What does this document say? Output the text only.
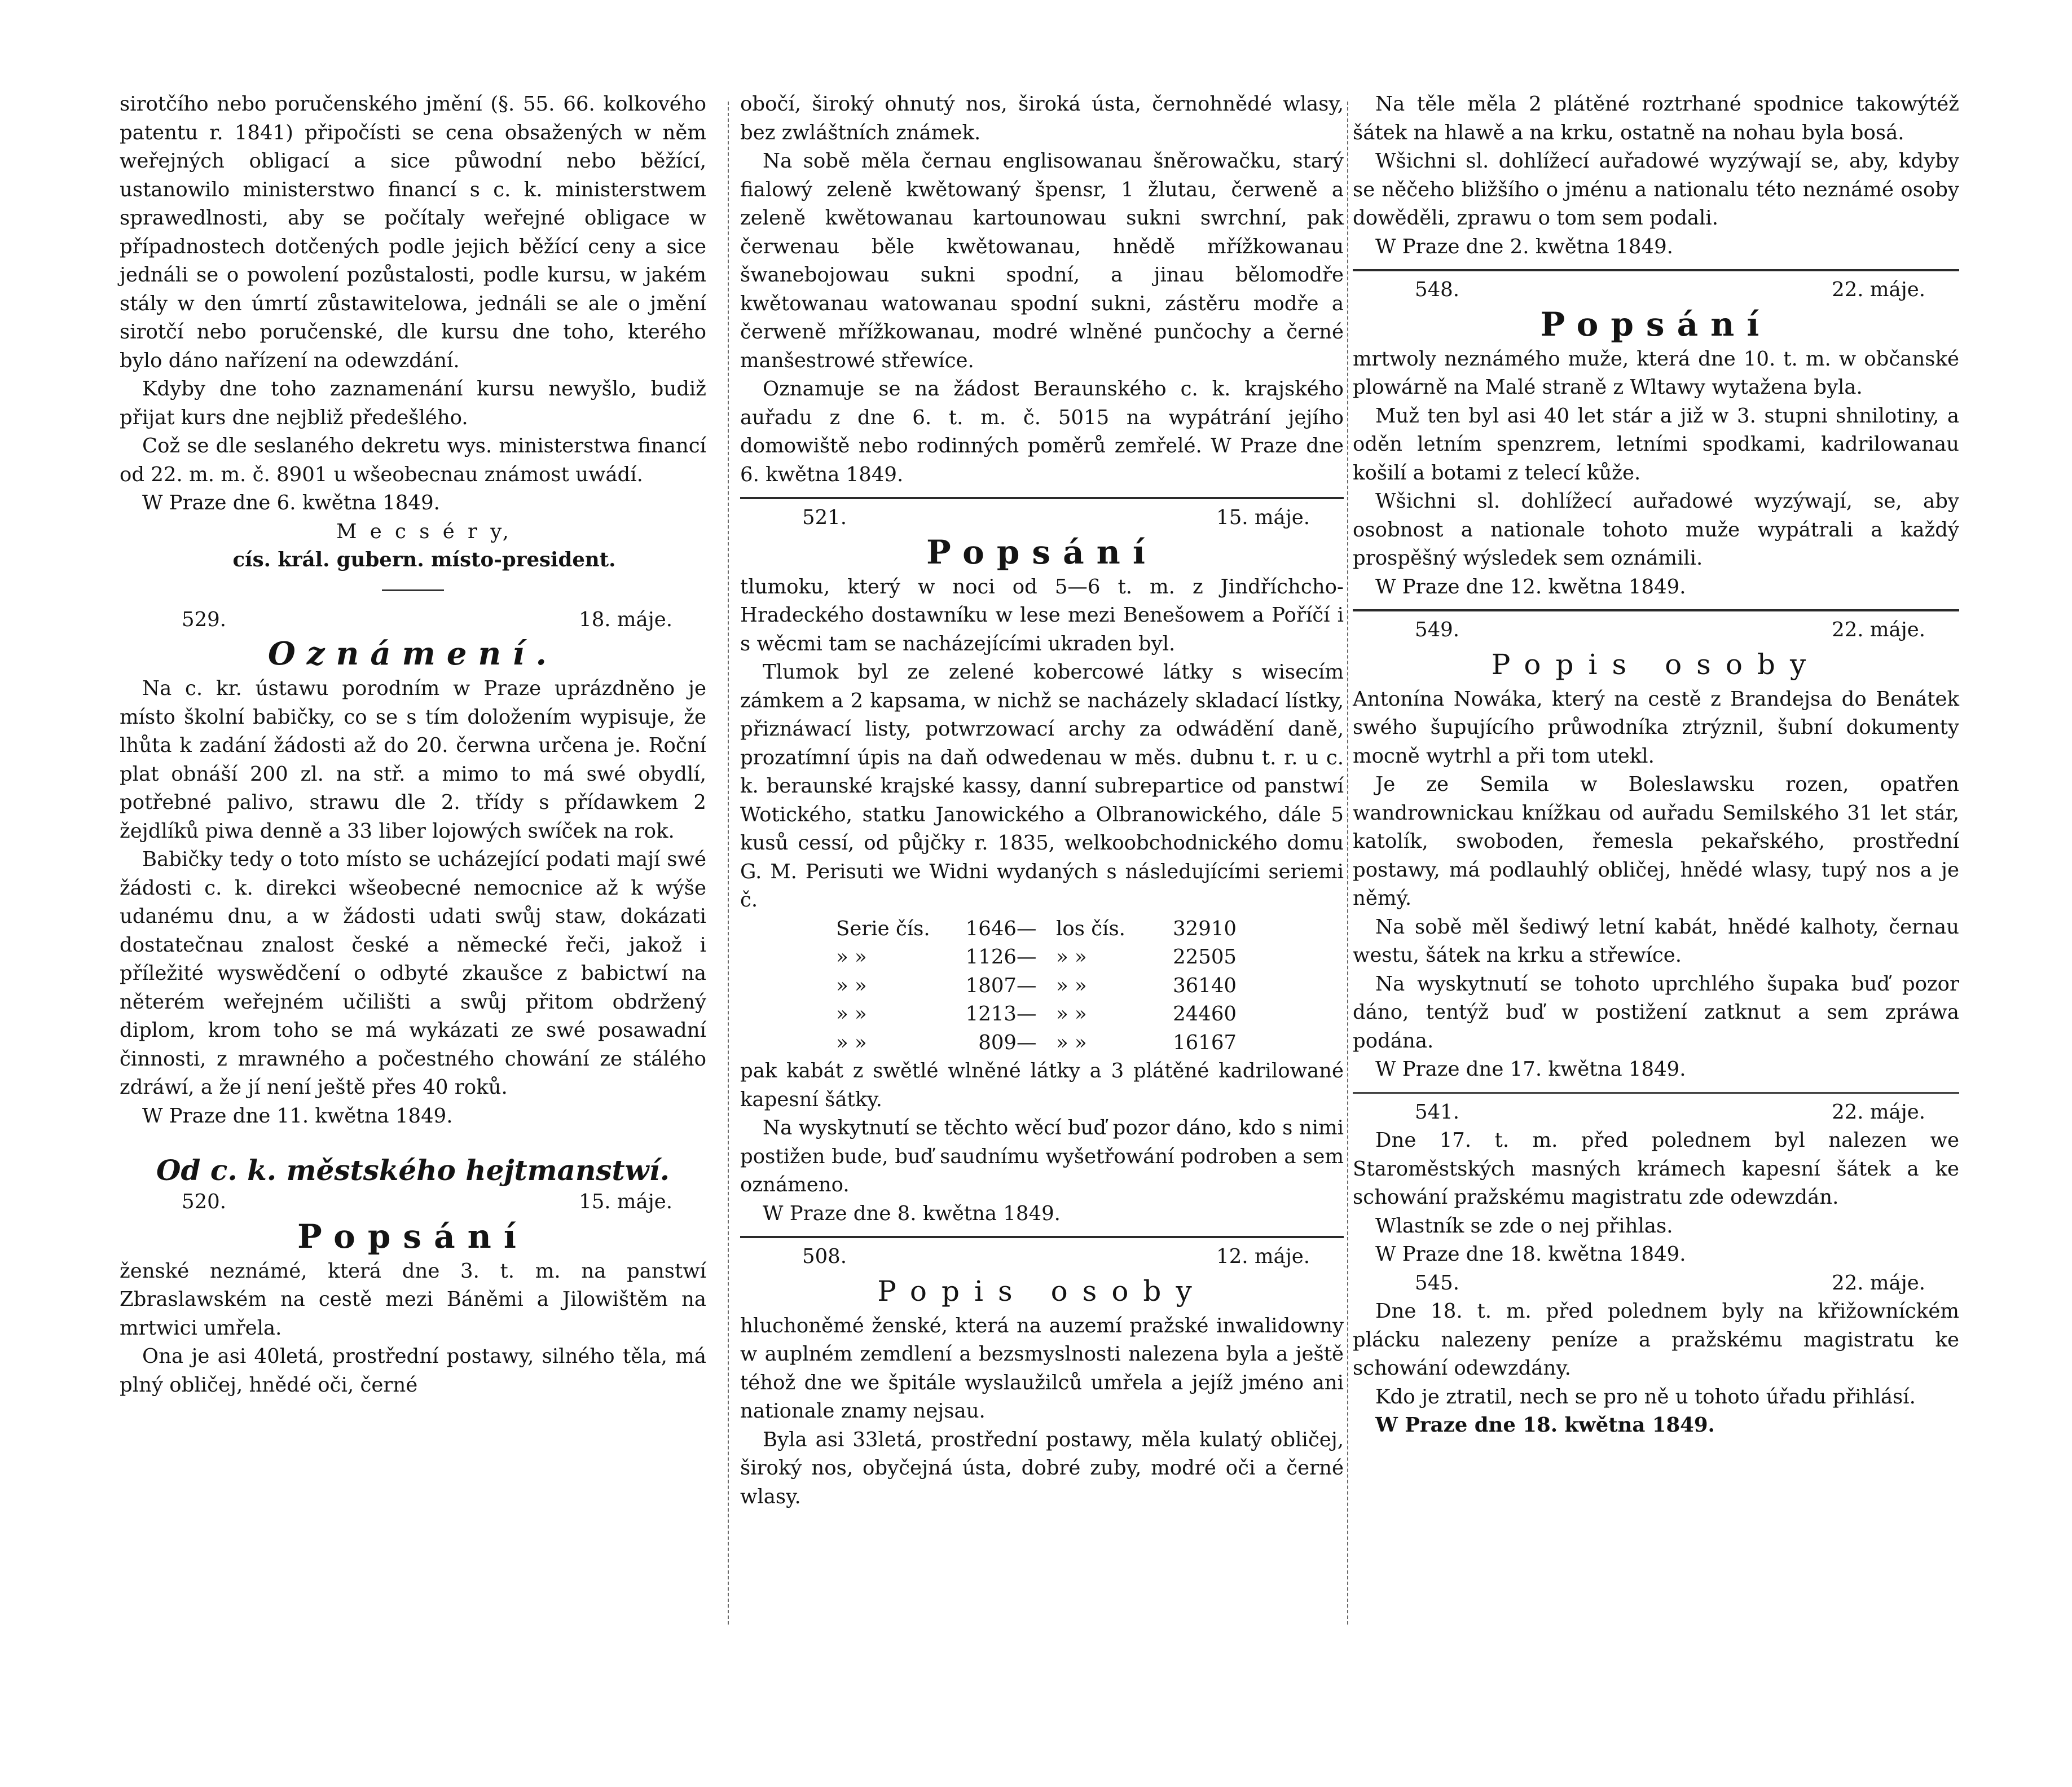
sirotčího nebo poručenského jmění (§. 55. 66. kolkového patentu r. 1841) připočísti se cena obsažených w něm weřejných obligací a sice půwodní nebo běžící, ustanowilo ministerstwo financí s c. k. ministerstwem sprawedlnosti, aby se počítaly weřejné obligace w případnostech dotčených podle jejich běžící ceny a sice jednáli se o powolení pozůstalosti, podle kursu, w jakém stály w den úmrtí zůstawitelowa, jednáli se ale o jmění sirotčí nebo poručenské, dle kursu dne toho, kterého bylo dáno nařízení na odewzdání.

Kdyby dne toho zaznamenání kursu newyšlo, budiž přijat kurs dne nejbliž předešlého.

Což se dle seslaného dekretu wys. ministerstwa financí od 22. m. m. č. 8901 u wšeobecnau známost uwádí.

W Praze dne 6. kwětna 1849.

M e c s é r y,

cís. král. gubern. místo-president.

529.	18. máje.
Oznámení.

Na c. kr. ústawu porodním w Praze uprázdněno je místo školní babičky, co se s tím doložením wypisuje, že lhůta k zadání žádosti až do 20. čerwna určena je. Roční plat obnáší 200 zl. na stř. a mimo to má swé obydlí, potřebné palivo, strawu dle 2. třídy s přídawkem 2 žejdlíků piwa denně a 33 liber lojowých swíček na rok.

Babičky tedy o toto místo se ucházející podati mají swé žádosti c. k. direkci wšeobecné nemocnice až k wýše udanému dnu, a w žádosti udati swůj staw, dokázati dostatečnau znalost české a německé řeči, jakož i příležité wyswědčení o odbyté zkaušce z babictwí na něterém weřejném učilišti a swůj přitom obdržený diplom, krom toho se má wykázati ze swé posawadní činnosti, z mrawného a počestného chowání ze stálého zdráwí, a že jí není ještě přes 40 roků.

W Praze dne 11. kwětna 1849.

Od c. k. městského hejtmanstwí.
520.	15. máje.
Popsání

ženské neznámé, která dne 3. t. m. na panstwí Zbraslawském na cestě mezi Báněmi a Jilowištěm na mrtwici umřela.

Ona je asi 40letá, prostřední postawy, silného těla, má plný obličej, hnědé oči, černé

obočí, široký ohnutý nos, široká ústa, černohnědé wlasy, bez zwláštních známek.

Na sobě měla černau englisowanau šněrowačku, starý fialowý zeleně kwětowaný špensr, 1 žlutau, čerweně a zeleně kwětowanau kartounowau sukni swrchní, pak čerwenau běle kwětowanau, hnědě mřížkowanau šwanebojowau sukni spodní, a jinau bělomodře kwětowanau watowanau spodní sukni, zástěru modře a čerweně mřížkowanau, modré wlněné punčochy a černé manšestrowé střewíce.

Oznamuje se na žádost Beraunského c. k. krajského auřadu z dne 6. t. m. č. 5015 na wypátrání jejího domowiště nebo rodinných poměrů zemřelé. W Praze dne 6. kwětna 1849.

521.	15. máje.
Popsání

tlumoku, který w noci od 5—6 t. m. z Jindříchcho-Hradeckého dostawníku w lese mezi Benešowem a Poříčí i s wěcmi tam se nacházejícími ukraden byl.

Tlumok byl ze zelené kobercowé látky s wisecím zámkem a 2 kapsama, w nichž se nacházely skladací lístky, přiznáwací listy, potwrzowací archy za odwádění daně, prozatímní úpis na daň odwedenau w měs. dubnu t. r. u c. k. beraunské krajské kassy, danní subrepartice od panstwí Wotického, statku Janowického a Olbranowického, dále 5 kusů cessí, od půjčky r. 1835, welkoobchodnického domu G. M. Perisuti we Widni wydaných s následujícími seriemi č.

Serie čís.	1646 — los čís.	32910
» »	1126 — » »	22505
» »	1807 — » »	36140
» »	1213 — » »	24460
» »	809 — » »	16167

pak kabát z swětlé wlněné látky a 3 plátěné kadrilowané kapesní šátky.

Na wyskytnutí se těchto wěcí buď pozor dáno, kdo s nimi postižen bude, buď saudnímu wyšetřowání podroben a sem oznámeno.

W Praze dne 8. kwětna 1849.

508.	12. máje.
Popis osoby

hluchoněmé ženské, která na auzemí pražské inwalidowny w auplném zemdlení a bezsmyslnosti nalezena byla a ještě téhož dne we špitále wyslaužilců umřela a jejíž jméno ani nationale znamy nejsau.

Byla asi 33letá, prostřední postawy, měla kulatý obličej, široký nos, obyčejná ústa, dobré zuby, modré oči a černé wlasy.

Na těle měla 2 plátěné roztrhané spodnice takowýtéž šátek na hlawě a na krku, ostatně na nohau byla bosá.

Wšichni sl. dohlížecí auřadowé wyzýwají se, aby, kdyby se něčeho bližšího o jménu a nationalu této neznámé osoby dowěděli, zprawu o tom sem podali.

W Praze dne 2. kwětna 1849.

548.	22. máje.
Popsání

mrtwoly neznámého muže, která dne 10. t. m. w občanské plowárně na Malé straně z Wltawy wytažena byla.

Muž ten byl asi 40 let stár a již w 3. stupni shnilotiny, a oděn letním spenzrem, letními spodkami, kadrilowanau košilí a botami z telecí kůže.

Wšichni sl. dohlížecí auřadowé wyzýwají, se, aby osobnost a nationale tohoto muže wypátrali a každý prospěšný wýsledek sem oznámili.

W Praze dne 12. kwětna 1849.

549.	22. máje.
Popis osoby

Antonína Nowáka, který na cestě z Brandejsa do Benátek swého šupujícího průwodníka ztrýznil, šubní dokumenty mocně wytrhl a při tom utekl.

Je ze Semila w Boleslawsku rozen, opatřen wandrownickau knížkau od auřadu Semilského 31 let stár, katolík, swoboden, řemesla pekařského, prostřední postawy, má podlauhlý obličej, hnědé wlasy, tupý nos a je němý.

Na sobě měl šediwý letní kabát, hnědé kalhoty, černau westu, šátek na krku a střewíce.

Na wyskytnutí se tohoto uprchlého šupaka buď pozor dáno, tentýž buď w postižení zatknut a sem zpráwa podána.

W Praze dne 17. kwětna 1849.

541.	22. máje.

Dne 17. t. m. před polednem byl nalezen we Staroměstských masných krámech kapesní šátek a ke schowání pražskému magistratu zde odewzdán.

Wlastník se zde o nej přihlas.

W Praze dne 18. kwětna 1849.

545.	22. máje.

Dne 18. t. m. před polednem byly na křižowníckém plácku nalezeny peníze a pražskému magistratu ke schowání odewzdány.

Kdo je ztratil, nech se pro ně u tohoto úřadu přihlásí.

W Praze dne 18. kwětna 1849.
